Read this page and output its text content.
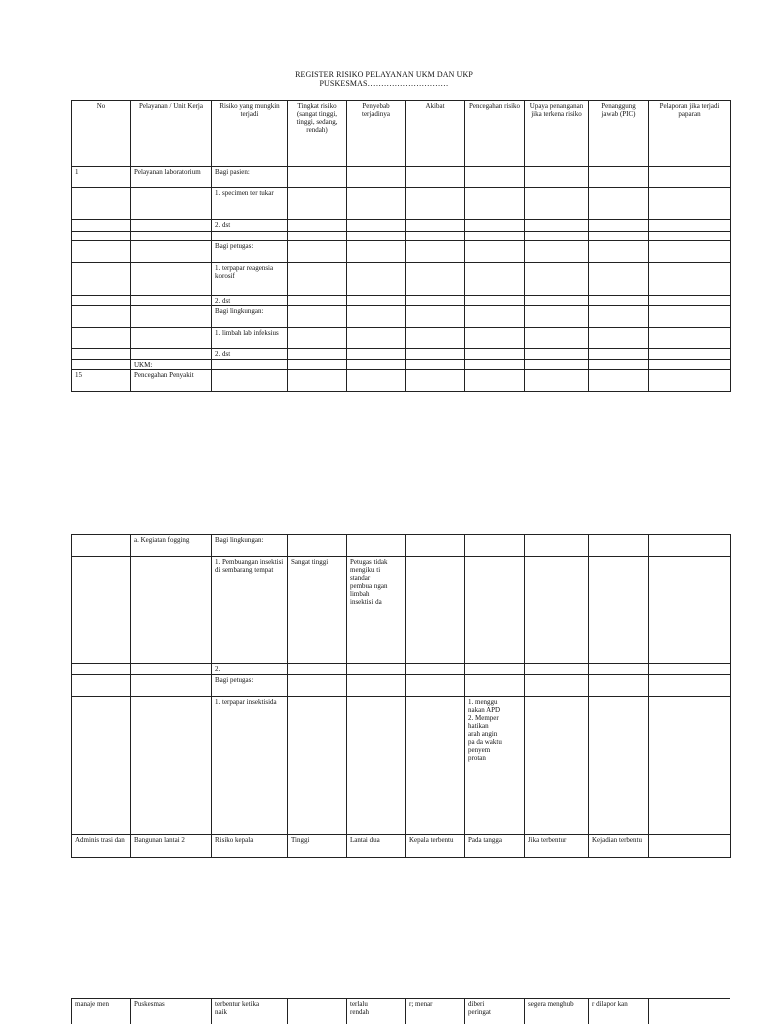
REGISTER RISIKO PELAYANAN UKM DAN UKP
PUSKESMAS…………………………
No	Pelayanan / Unit Kerja	Risiko yang mungkin terjadi	Tingkat risiko (sangat tinggi, tinggi, sedang, rendah)	Penyebab terjadinya	Akibat	Pencegahan risiko	Upaya penanganan jika terkena risiko	Penanggung jawab (PIC)	Pelaporan jika terjadi paparan
1	Pelayanan laboratorium	Bagi pasien:							
		1. specimen ter tukar							
		2. dst							

		Bagi petugas:							
		1. terpapar reagensia korosif							
		2. dst							
		Bagi lingkungan:							
		1. limbah lab infeksius							
		2. dst							
	UKM:								
15	Pencegahan Penyakit								
	a. Kegiatan fogging	Bagi lingkungan:							
		1. Pembuangan insektisi di sembarang tempat	Sangat tinggi	Petugas tidak mengiku ti standar pembua ngan limbah insektisi da					
		2.							
		Bagi petugas:							
		1. terpapar insektisida				1. menggu nakan APD 2. Memper hatikan arah angin pa da waktu penyem protan			
Adminis trasi dan	Bangunan lantai 2	Risiko kepala	Tinggi	Lantai dua	Kepala terbentu	Pada tangga	Jika terbentur	Kejadian terbentu	
manaje men	Puskesmas	terbentur ketika naik		terlalu rendah	r; menar	diberi peringat	segera menghub	r dilapor kan	
